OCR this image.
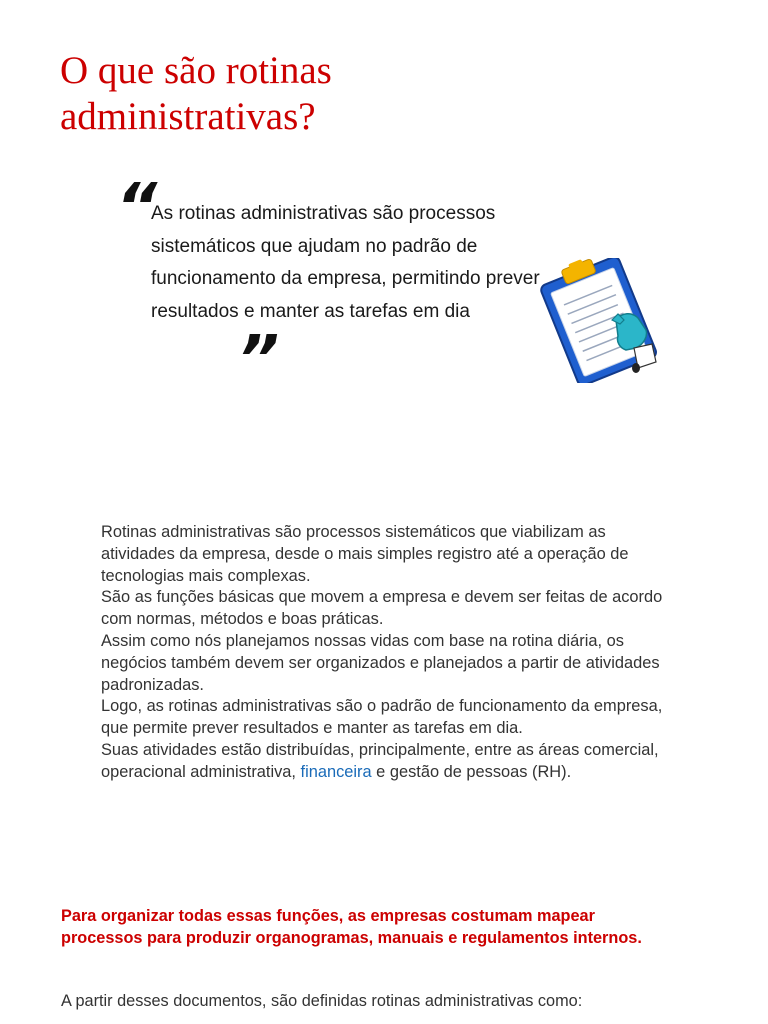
O que são rotinas administrativas?
“

As rotinas administrativas são processos sistemáticos que ajudam no padrão de funcionamento da empresa, permitindo prever resultados e manter as tarefas em dia

”
Rotinas administrativas são processos sistemáticos que viabilizam as atividades da empresa, desde o mais simples registro até a operação de tecnologias mais complexas.
São as funções básicas que movem a empresa e devem ser feitas de acordo com normas, métodos e boas práticas.
Assim como nós planejamos nossas vidas com base na rotina diária, os negócios também devem ser organizados e planejados a partir de atividades padronizadas.
Logo, as rotinas administrativas são o padrão de funcionamento da empresa, que permite prever resultados e manter as tarefas em dia.
Suas atividades estão distribuídas, principalmente, entre as áreas comercial, operacional administrativa, financeira e gestão de pessoas (RH).

Para organizar todas essas funções, as empresas costumam mapear processos para produzir organogramas, manuais e regulamentos internos.

A partir desses documentos, são definidas rotinas administrativas como:
